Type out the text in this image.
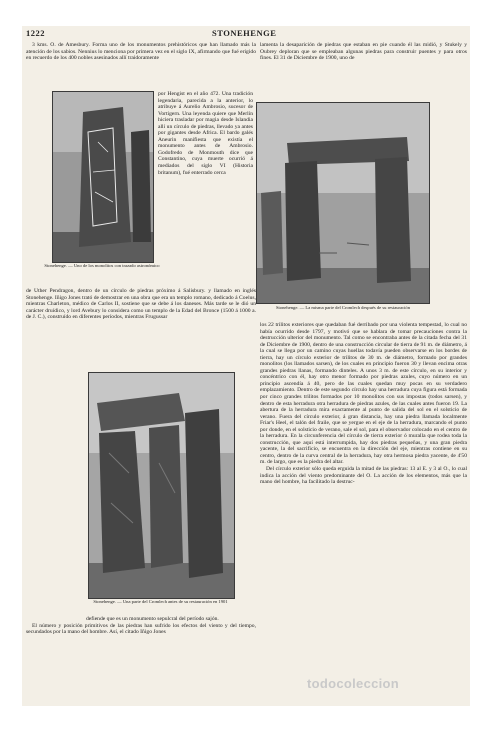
1222	STONEHENGE

3 kms. O. de Amesbury. Forma uno de los monumentos prehistóricos que han llamado más la atención de los sabios. Nennius lo menciona por primera vez en el siglo IX, afirmando que fué erigido en recuerdo de los 400 nobles asesinados allí traidoramente

Stonehenge. — Uno de los monolitos con trazado astronómico

por Hengist en el año 472. Una tradición legendaria, parecida a la anterior, lo atribuye á Aurelio Ambrosio, sucesor de Vortigern. Una leyenda quiere que Merlín hiciera trasladar por magia desde Islandia allí un círculo de piedras, llevado ya antes por gigantes desde Africa. El bardo galés Aneurin manifiesta que existía el monumento antes de Ambrosio. Godofredo de Monmouth dice que Constantino, cuya muerte ocurrió á mediados del siglo VI (Historia britanum), fué enterrado cerca

de Uther Pendragon, dentro de un círculo de piedras próximo á Salisbury. y llamado en inglés Stonehenge. Iñigo Jones trató de demostrar en una obra que era un templo romano, dedicado á Coelus, mientras Charleton, médico de Carlos II, sostiene que se debe á los daneses. Más tarde se le dió un carácter druídico, y lord Avebury lo considera como un templo de la Edad del Bronce (1500 á 1000 a. de J. C.), construído en diferentes períodos, mientras Frugussar

Stonehenge. — Una parte del Cromlech antes de su restauración en 1901

defiende que es un monumento sepulcral del período sajón.

El número y posición primitivos de las piedras han sufrido los efectos del viento y del tiempo, secundados por la mano del hombre. Así, el citado Iñigo Jones

lamenta la desaparición de piedras que estaban en pie cuando él las midió, y Stukely y Oubrey deploran que se empleaban algunas piedras para construir puentes y para otros fines. El 31 de Diciembre de 1900, uno de

Stonehenge. — La misma parte del Cromlech después de su restauración

los 22 trilitos exteriores que quedaban fué derribado por una violenta tempestad, lo cual no había ocurrido desde 1797, y motivó que se hablara de tomar precauciones contra la destrucción ulterior del monumento. Tal como se encontraba antes de la citada fecha del 31 de Diciembre de 1900, dentro de una construcción circular de tierra de 91 m. de diámetro, á la cual se llega por un camino cuyas huellas todavía pueden observarse en los bordes de tierra, hay un círculo exterior de trilitos de 30 m. de diámetro, formado por grandes monolitos (los llamados sarsen), de los cuales en principio fueron 30 y llevan encima otras grandes piedras llanas, formando dinteles. A unos 3 m. de este círculo, en su interior y concéntrico con él, hay otro menor formado por piedras azules, cuyo número en un principio ascendía á 40, pero de las cuales quedan muy pocas en su verdadero emplazamiento. Dentro de este segundo círculo hay una herradura cuya figura está formada por cinco grandes trilitos formados por 10 monolitos con sus impostas (todos sarsen), y dentro de esta herradura otra herradura de piedras azules, de las cuales antes fueron 19. La abertura de la herradura mira exactamente al punto de salida del sol en el solsticio de verano. Fuera del círculo exterior, á gran distancia, hay una piedra llamada localmente Friar's Heel, el talón del fraile, que se yergue en el eje de la herradura, marcando el punto por donde, en el solsticio de verano, sale el sol, para el observador colocado en el centro de la herradura. En la circunferencia del círculo de tierra exterior ó muralla que rodea toda la construcción, que aquí está interrumpida, hay dos piedras pequeñas, y una gran piedra yacente, la del sacrificio, se encuentra en la dirección del eje, mientras contiene en su centro, dentro de la curva central de la herradura, hay otra hermosa piedra yacente, de 4'50 m. de largo, que es la piedra del altar.

Del círculo exterior sólo queda erguida la mitad de las piedras: 13 al E. y 3 al O., lo cual indica la acción del viento predominante del O. La acción de los elementos, más que la mano del hombre, ha facilitado la destruc-

todocoleccion
